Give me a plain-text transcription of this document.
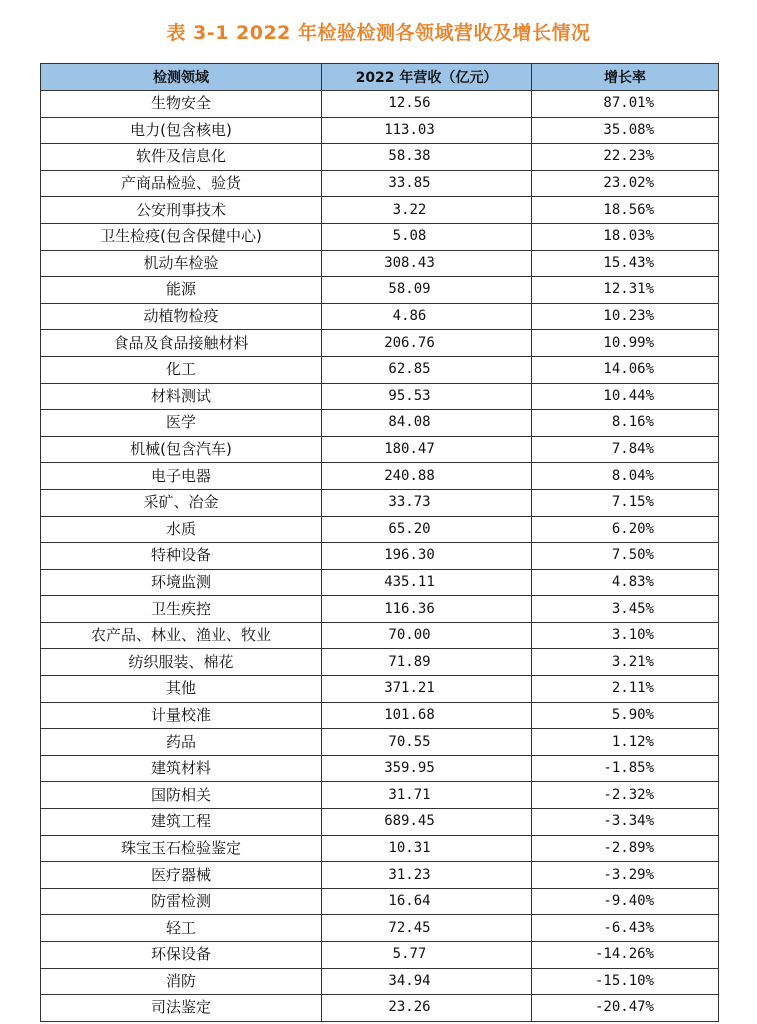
表 3-1 2022 年检验检测各领域营收及增长情况
检测领域	2022 年营收（亿元）	增长率
生物安全	12.56	87.01%
电力(包含核电)	113.03	35.08%
软件及信息化	58.38	22.23%
产商品检验、验货	33.85	23.02%
公安刑事技术	3.22	18.56%
卫生检疫(包含保健中心)	5.08	18.03%
机动车检验	308.43	15.43%
能源	58.09	12.31%
动植物检疫	4.86	10.23%
食品及食品接触材料	206.76	10.99%
化工	62.85	14.06%
材料测试	95.53	10.44%
医学	84.08	8.16%
机械(包含汽车)	180.47	7.84%
电子电器	240.88	8.04%
采矿、冶金	33.73	7.15%
水质	65.20	6.20%
特种设备	196.30	7.50%
环境监测	435.11	4.83%
卫生疾控	116.36	3.45%
农产品、林业、渔业、牧业	70.00	3.10%
纺织服装、棉花	71.89	3.21%
其他	371.21	2.11%
计量校准	101.68	5.90%
药品	70.55	1.12%
建筑材料	359.95	-1.85%
国防相关	31.71	-2.32%
建筑工程	689.45	-3.34%
珠宝玉石检验鉴定	10.31	-2.89%
医疗器械	31.23	-3.29%
防雷检测	16.64	-9.40%
轻工	72.45	-6.43%
环保设备	5.77	-14.26%
消防	34.94	-15.10%
司法鉴定	23.26	-20.47%
